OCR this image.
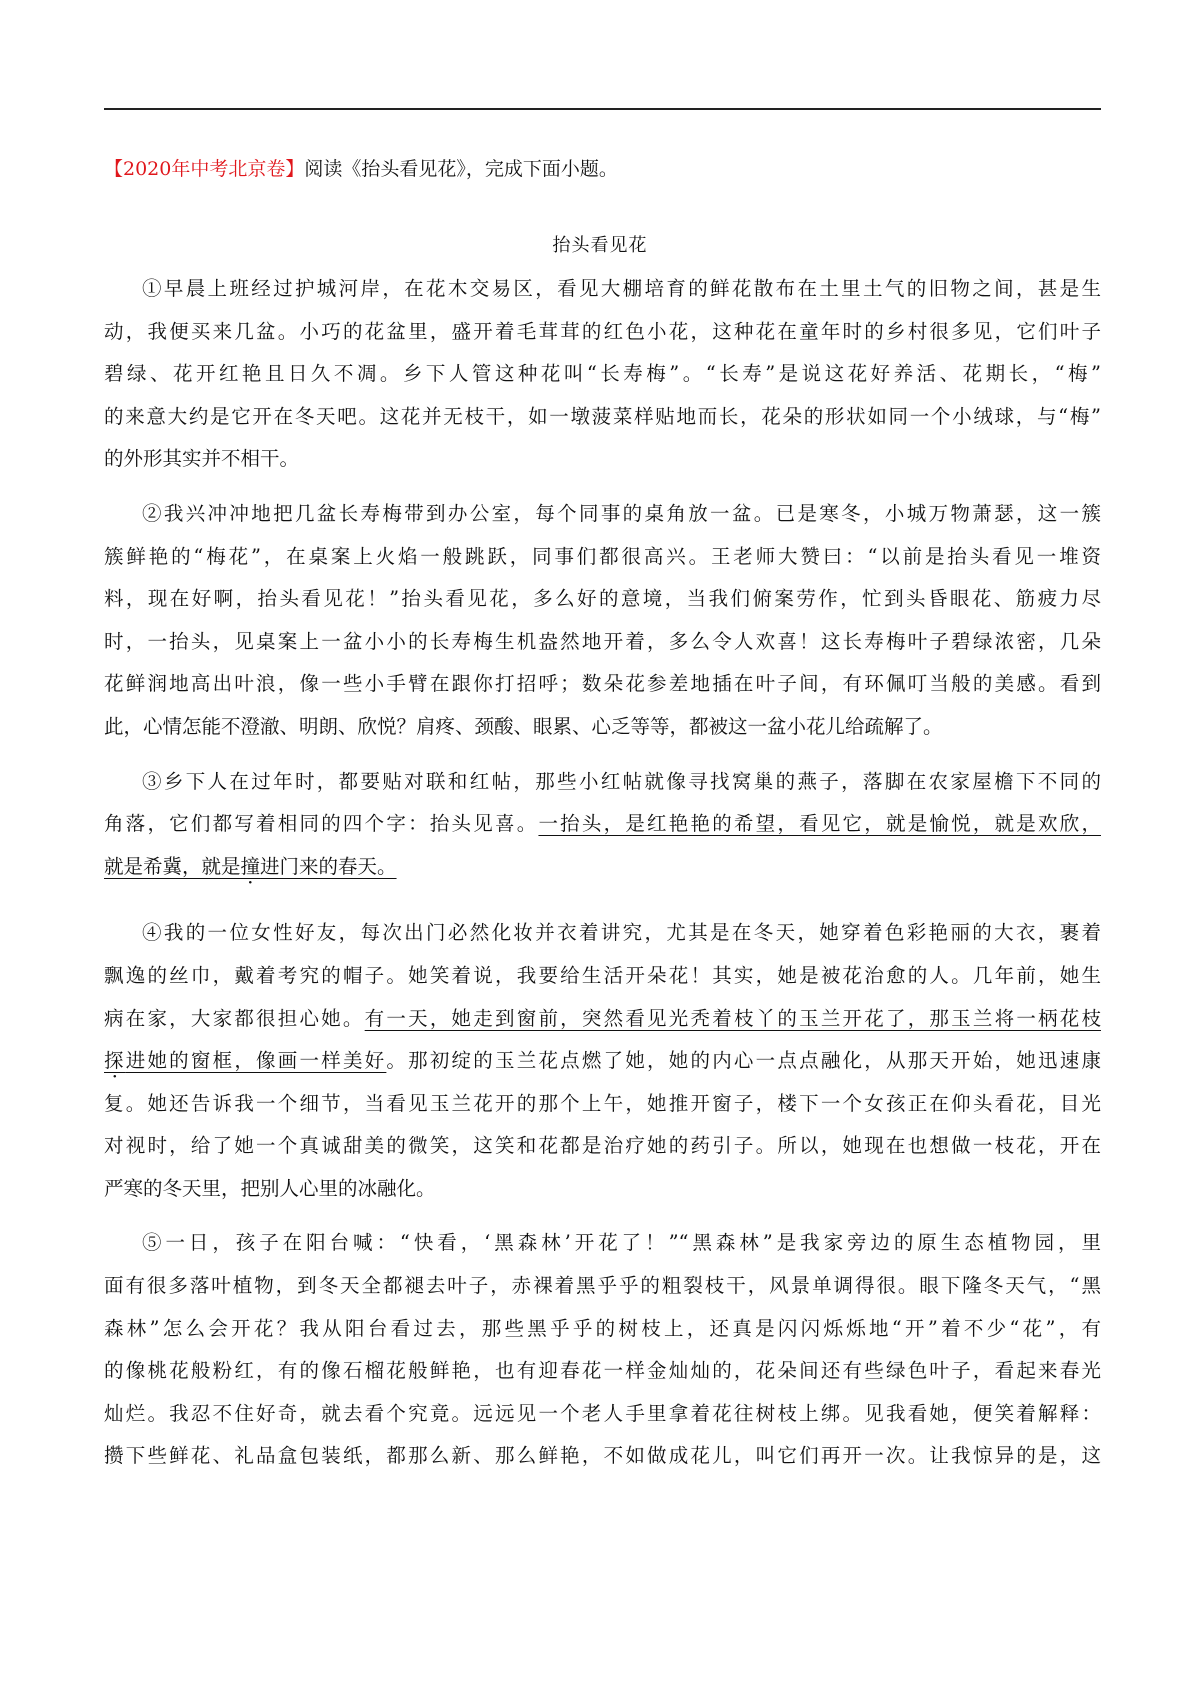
【2020年中考北京卷】阅读《抬头看见花》，完成下面小题。
抬头看见花
①早晨上班经过护城河岸，在花木交易区，看见大棚培育的鲜花散布在土里土气的旧物之间，甚是生
动，我便买来几盆。小巧的花盆里，盛开着毛茸茸的红色小花，这种花在童年时的乡村很多见，它们叶子
碧绿、花开红艳且日久不凋。乡下人管这种花叫“长寿梅”。“长寿”是说这花好养活、花期长，“梅”
的来意大约是它开在冬天吧。这花并无枝干，如一墩菠菜样贴地而长，花朵的形状如同一个小绒球，与“梅”
的外形其实并不相干。
②我兴冲冲地把几盆长寿梅带到办公室，每个同事的桌角放一盆。已是寒冬，小城万物萧瑟，这一簇
簇鲜艳的“梅花”，在桌案上火焰一般跳跃，同事们都很高兴。王老师大赞曰：“以前是抬头看见一堆资
料，现在好啊，抬头看见花！”抬头看见花，多么好的意境，当我们俯案劳作，忙到头昏眼花、筋疲力尽
时，一抬头，见桌案上一盆小小的长寿梅生机盎然地开着，多么令人欢喜！这长寿梅叶子碧绿浓密，几朵
花鲜润地高出叶浪，像一些小手臂在跟你打招呼；数朵花参差地插在叶子间，有环佩叮当般的美感。看到
此，心情怎能不澄澈、明朗、欣悦？肩疼、颈酸、眼累、心乏等等，都被这一盆小花儿给疏解了。
③乡下人在过年时，都要贴对联和红帖，那些小红帖就像寻找窝巢的燕子，落脚在农家屋檐下不同的
角落，它们都写着相同的四个字：抬头见喜。一抬头，是红艳艳的希望，看见它，就是愉悦，就是欢欣，
就是希冀，就是撞进门来的春天。
④我的一位女性好友，每次出门必然化妆并衣着讲究，尤其是在冬天，她穿着色彩艳丽的大衣，裹着
飘逸的丝巾，戴着考究的帽子。她笑着说，我要给生活开朵花！其实，她是被花治愈的人。几年前，她生
病在家，大家都很担心她。有一天，她走到窗前，突然看见光秃着枝丫的玉兰开花了，那玉兰将一柄花枝
探进她的窗框，像画一样美好。那初绽的玉兰花点燃了她，她的内心一点点融化，从那天开始，她迅速康
复。她还告诉我一个细节，当看见玉兰花开的那个上午，她推开窗子，楼下一个女孩正在仰头看花，目光
对视时，给了她一个真诚甜美的微笑，这笑和花都是治疗她的药引子。所以，她现在也想做一枝花，开在
严寒的冬天里，把别人心里的冰融化。
⑤一日，孩子在阳台喊：“快看，‘黑森林’开花了！”“黑森林”是我家旁边的原生态植物园，里
面有很多落叶植物，到冬天全都褪去叶子，赤裸着黑乎乎的粗裂枝干，风景单调得很。眼下隆冬天气，“黑
森林”怎么会开花？我从阳台看过去，那些黑乎乎的树枝上，还真是闪闪烁烁地“开”着不少“花”，有
的像桃花般粉红，有的像石榴花般鲜艳，也有迎春花一样金灿灿的，花朵间还有些绿色叶子，看起来春光
灿烂。我忍不住好奇，就去看个究竟。远远见一个老人手里拿着花往树枝上绑。见我看她，便笑着解释：
攒下些鲜花、礼品盒包装纸，都那么新、那么鲜艳，不如做成花儿，叫它们再开一次。让我惊异的是，这
